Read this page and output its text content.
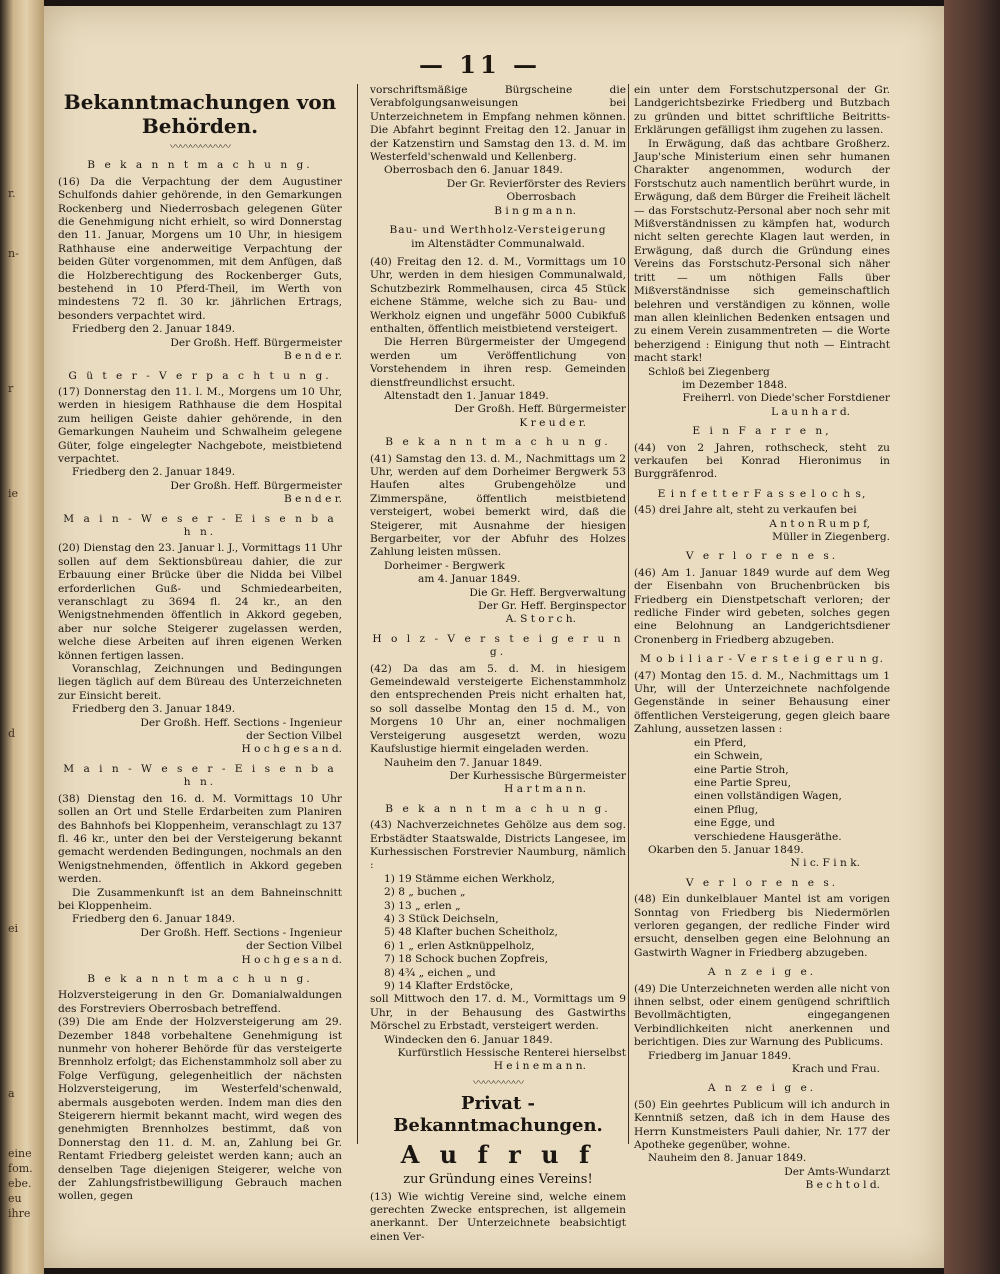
r.

n-

r

ie

d

ei

a

eine
fom.
ebe.
eu
ihre
— 11 —
Bekanntmachungen von Behörden.
〰〰〰〰〰〰
B e k a n n t m a c h u n g.

(16) Da die Verpachtung der dem Augustiner Schulfonds dahier gehörende, in den Gemarkungen Rockenberg und Niederrosbach gelegenen Güter die Genehmigung nicht erhielt, so wird Donnerstag den 11. Januar, Morgens um 10 Uhr, in hiesigem Rathhause eine anderweitige Verpachtung der beiden Güter vorgenommen, mit dem Anfügen, daß die Holzberechtigung des Rockenberger Guts, bestehend in 10 Pferd-Theil, im Werth von mindestens 72 fl. 30 kr. jährlichen Ertrags, besonders verpachtet wird.

Friedberg den 2. Januar 1849.

Der Großh. Heff. Bürgermeister

B e n d e r.

G ü t e r - V e r p a c h t u n g.

(17) Donnerstag den 11. l. M., Morgens um 10 Uhr, werden in hiesigem Rathhause die dem Hospital zum heiligen Geiste dahier gehörende, in den Gemarkungen Nauheim und Schwalheim gelegene Güter, folge eingelegter Nachgebote, meistbietend verpachtet.

Friedberg den 2. Januar 1849.

Der Großh. Heff. Bürgermeister

B e n d e r.

M a i n - W e s e r - E i s e n b a h n.

(20) Dienstag den 23. Januar l. J., Vormittags 11 Uhr sollen auf dem Sektionsbüreau dahier, die zur Erbauung einer Brücke über die Nidda bei Vilbel erforderlichen Guß- und Schmiedearbeiten, veranschlagt zu 3694 fl. 24 kr., an den Wenigstnehmenden öffentlich in Akkord gegeben, aber nur solche Steigerer zugelassen werden, welche diese Arbeiten auf ihren eigenen Werken können fertigen lassen.

Voranschlag, Zeichnungen und Bedingungen liegen täglich auf dem Büreau des Unterzeichneten zur Einsicht bereit.

Friedberg den 3. Januar 1849.

Der Großh. Heff. Sections - Ingenieur

der Section Vilbel

H o c h g e s a n d.

M a i n - W e s e r - E i s e n b a h n.

(38) Dienstag den 16. d. M. Vormittags 10 Uhr sollen an Ort und Stelle Erdarbeiten zum Planiren des Bahnhofs bei Kloppenheim, veranschlagt zu 137 fl. 46 kr., unter den bei der Versteigerung bekannt gemacht werdenden Bedingungen, nochmals an den Wenigstnehmenden, öffentlich in Akkord gegeben werden.

Die Zusammenkunft ist an dem Bahneinschnitt bei Kloppenheim.

Friedberg den 6. Januar 1849.

Der Großh. Heff. Sections - Ingenieur

der Section Vilbel

H o c h g e s a n d.

B e k a n n t m a c h u n g.

Holzversteigerung in den Gr. Domanialwaldungen des Forstreviers Oberrosbach betreffend.

(39) Die am Ende der Holzversteigerung am 29. Dezember 1848 vorbehaltene Genehmigung ist nunmehr von hoherer Behörde für das versteigerte Brennholz erfolgt; das Eichenstammholz soll aber zu Folge Verfügung, gelegenheitlich der nächsten Holzversteigerung, im Westerfeld'schenwald, abermals ausgeboten werden. Indem man dies den Steigerern hiermit bekannt macht, wird wegen des genehmigten Brennholzes bestimmt, daß von Donnerstag den 11. d. M. an, Zahlung bei Gr. Rentamt Friedberg geleistet werden kann; auch an denselben Tage diejenigen Steigerer, welche von der Zahlungsfristbewilligung Gebrauch machen wollen, gegen

vorschriftsmäßige Bürgscheine die Verabfolgungsanweisungen bei Unterzeichnetem in Empfang nehmen können. Die Abfahrt beginnt Freitag den 12. Januar in der Katzenstirn und Samstag den 13. d. M. im Westerfeld'schenwald und Kellenberg.

Oberrosbach den 6. Januar 1849.

Der Gr. Revierförster des Reviers

Oberrosbach

B i n g m a n n.

Bau- und Werthholz-Versteigerung
im Altenstädter Communalwald.

(40) Freitag den 12. d. M., Vormittags um 10 Uhr, werden in dem hiesigen Communalwald, Schutzbezirk Rommelhausen, circa 45 Stück eichene Stämme, welche sich zu Bau- und Werkholz eignen und ungefähr 5000 Cubikfuß enthalten, öffentlich meistbietend versteigert.

Die Herren Bürgermeister der Umgegend werden um Veröffentlichung von Vorstehendem in ihren resp. Gemeinden dienstfreundlichst ersucht.

Altenstadt den 1. Januar 1849.

Der Großh. Heff. Bürgermeister

K r e u d e r.

B e k a n n t m a c h u n g.

(41) Samstag den 13. d. M., Nachmittags um 2 Uhr, werden auf dem Dorheimer Bergwerk 53 Haufen altes Grubengehölze und Zimmerspäne, öffentlich meistbietend versteigert, wobei bemerkt wird, daß die Steigerer, mit Ausnahme der hiesigen Bergarbeiter, vor der Abfuhr des Holzes Zahlung leisten müssen.

Dorheimer - Bergwerk

am 4. Januar 1849.

Die Gr. Heff. Bergverwaltung

Der Gr. Heff. Berginspector

A. S t o r c h.

H o l z - V e r s t e i g e r u n g.

(42) Da das am 5. d. M. in hiesigem Gemeindewald versteigerte Eichenstammholz den entsprechenden Preis nicht erhalten hat, so soll dasselbe Montag den 15 d. M., von Morgens 10 Uhr an, einer nochmaligen Versteigerung ausgesetzt werden, wozu Kaufslustige hiermit eingeladen werden.

Nauheim den 7. Januar 1849.

Der Kurhessische Bürgermeister

H a r t m a n n.

B e k a n n t m a c h u n g.

(43) Nachverzeichnetes Gehölze aus dem sog. Erbstädter Staatswalde, Districts Langesee, im Kurhessischen Forstrevier Naumburg, nämlich :

1) 19 Stämme eichen Werkholz,
2) 8 „ buchen „
3) 13 „ erlen „
4) 3 Stück Deichseln,
5) 48 Klafter buchen Scheitholz,
6) 1 „ erlen Astknüppelholz,
7) 18 Schock buchen Zopfreis,
8) 4¾ „ eichen „ und
9) 14 Klafter Erdstöcke,

soll Mittwoch den 17. d. M., Vormittags um 9 Uhr, in der Behausung des Gastwirths Mörschel zu Erbstadt, versteigert werden.

Windecken den 6. Januar 1849.

Kurfürstlich Hessische Renterei hierselbst

H e i n e m a n n.

〰〰〰〰〰
Privat - Bekanntmachungen.
A u f r u f
zur Gründung eines Vereins!

(13) Wie wichtig Vereine sind, welche einem gerechten Zwecke entsprechen, ist allgemein anerkannt. Der Unterzeichnete beabsichtigt einen Ver-

ein unter dem Forstschutzpersonal der Gr. Landgerichtsbezirke Friedberg und Butzbach zu gründen und bittet schriftliche Beitritts-Erklärungen gefälligst ihm zugehen zu lassen.

In Erwägung, daß das achtbare Großherz. Jaup'sche Ministerium einen sehr humanen Charakter angenommen, wodurch der Forstschutz auch namentlich berührt wurde, in Erwägung, daß dem Bürger die Freiheit lächelt — das Forstschutz-Personal aber noch sehr mit Mißverständnissen zu kämpfen hat, wodurch nicht selten gerechte Klagen laut werden, in Erwägung, daß durch die Gründung eines Vereins das Forstschutz-Personal sich näher tritt — um nöthigen Falls über Mißverständnisse sich gemeinschaftlich belehren und verständigen zu können, wolle man allen kleinlichen Bedenken entsagen und zu einem Verein zusammentreten — die Worte beherzigend : Einigung thut noth — Eintracht macht stark!

Schloß bei Ziegenberg

im Dezember 1848.

Freiherrl. von Diede'scher Forstdiener

L a u n h a r d.

E i n F a r r e n,

(44) von 2 Jahren, rothscheck, steht zu verkaufen bei Konrad Hieronimus in Burggräfenrod.

E i n f e t t e r F a s s e l o c h s,

(45) drei Jahre alt, steht zu verkaufen bei

A n t o n R u m p f,

Müller in Ziegenberg.

V e r l o r e n e s.

(46) Am 1. Januar 1849 wurde auf dem Weg der Eisenbahn von Bruchenbrücken bis Friedberg ein Dienstpetschaft verloren; der redliche Finder wird gebeten, solches gegen eine Belohnung an Landgerichtsdiener Cronenberg in Friedberg abzugeben.

M o b i l i a r - V e r s t e i g e r u n g.

(47) Montag den 15. d. M., Nachmittags um 1 Uhr, will der Unterzeichnete nachfolgende Gegenstände in seiner Behausung einer öffentlichen Versteigerung, gegen gleich baare Zahlung, aussetzen lassen :

ein Pferd,
ein Schwein,
eine Partie Stroh,
eine Partie Spreu,
einen vollständigen Wagen,
einen Pflug,
eine Egge, und
verschiedene Hausgeräthe.

Okarben den 5. Januar 1849.

N i c. F i n k.

V e r l o r e n e s.

(48) Ein dunkelblauer Mantel ist am vorigen Sonntag von Friedberg bis Niedermörlen verloren gegangen, der redliche Finder wird ersucht, denselben gegen eine Belohnung an Gastwirth Wagner in Friedberg abzugeben.

A n z e i g e.

(49) Die Unterzeichneten werden alle nicht von ihnen selbst, oder einem genügend schriftlich Bevollmächtigten, eingegangenen Verbindlichkeiten nicht anerkennen und berichtigen. Dies zur Warnung des Publicums.

Friedberg im Januar 1849.

Krach und Frau.

A n z e i g e.

(50) Ein geehrtes Publicum will ich andurch in Kenntniß setzen, daß ich in dem Hause des Herrn Kunstmeisters Pauli dahier, Nr. 177 der Apotheke gegenüber, wohne.

Nauheim den 8. Januar 1849.

Der Amts-Wundarzt

B e c h t o l d.
